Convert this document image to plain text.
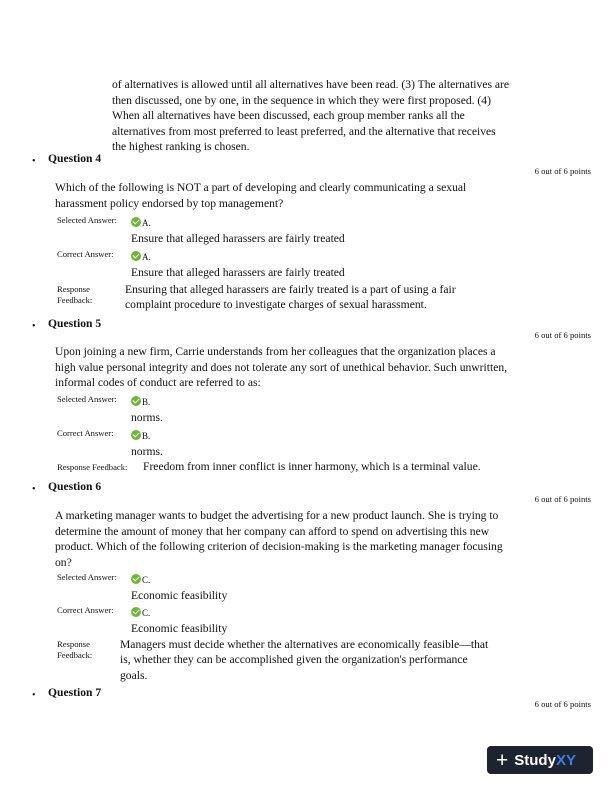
of alternatives is allowed until all alternatives have been read. (3) The alternatives are then discussed, one by one, in the sequence in which they were first proposed. (4) When all alternatives have been discussed, each group member ranks all the alternatives from most preferred to least preferred, and the alternative that receives the highest ranking is chosen.
• Question 4
6 out of 6 points
Which of the following is NOT a part of developing and clearly communicating a sexual harassment policy endorsed by top management?
Selected Answer:	A.
Ensure that alleged harassers are fairly treated
Correct Answer:	A.
Ensure that alleged harassers are fairly treated
Response
Feedback:
Ensuring that alleged harassers are fairly treated is a part of using a fair complaint procedure to investigate charges of sexual harassment.
• Question 5
6 out of 6 points
Upon joining a new firm, Carrie understands from her colleagues that the organization places a high value personal integrity and does not tolerate any sort of unethical behavior. Such unwritten, informal codes of conduct are referred to as:
Selected Answer:	B.
norms.
Correct Answer:	B.
norms.
Response Feedback: Freedom from inner conflict is inner harmony, which is a terminal value.
• Question 6
6 out of 6 points
A marketing manager wants to budget the advertising for a new product launch. She is trying to determine the amount of money that her company can afford to spend on advertising this new product. Which of the following criterion of decision-making is the marketing manager focusing on?
Selected Answer:	C.
Economic feasibility
Correct Answer:	C.
Economic feasibility
Response
Feedback:
Managers must decide whether the alternatives are economically feasible—that is, whether they can be accomplished given the organization's performance goals.
• Question 7
6 out of 6 points
+ Study XY
